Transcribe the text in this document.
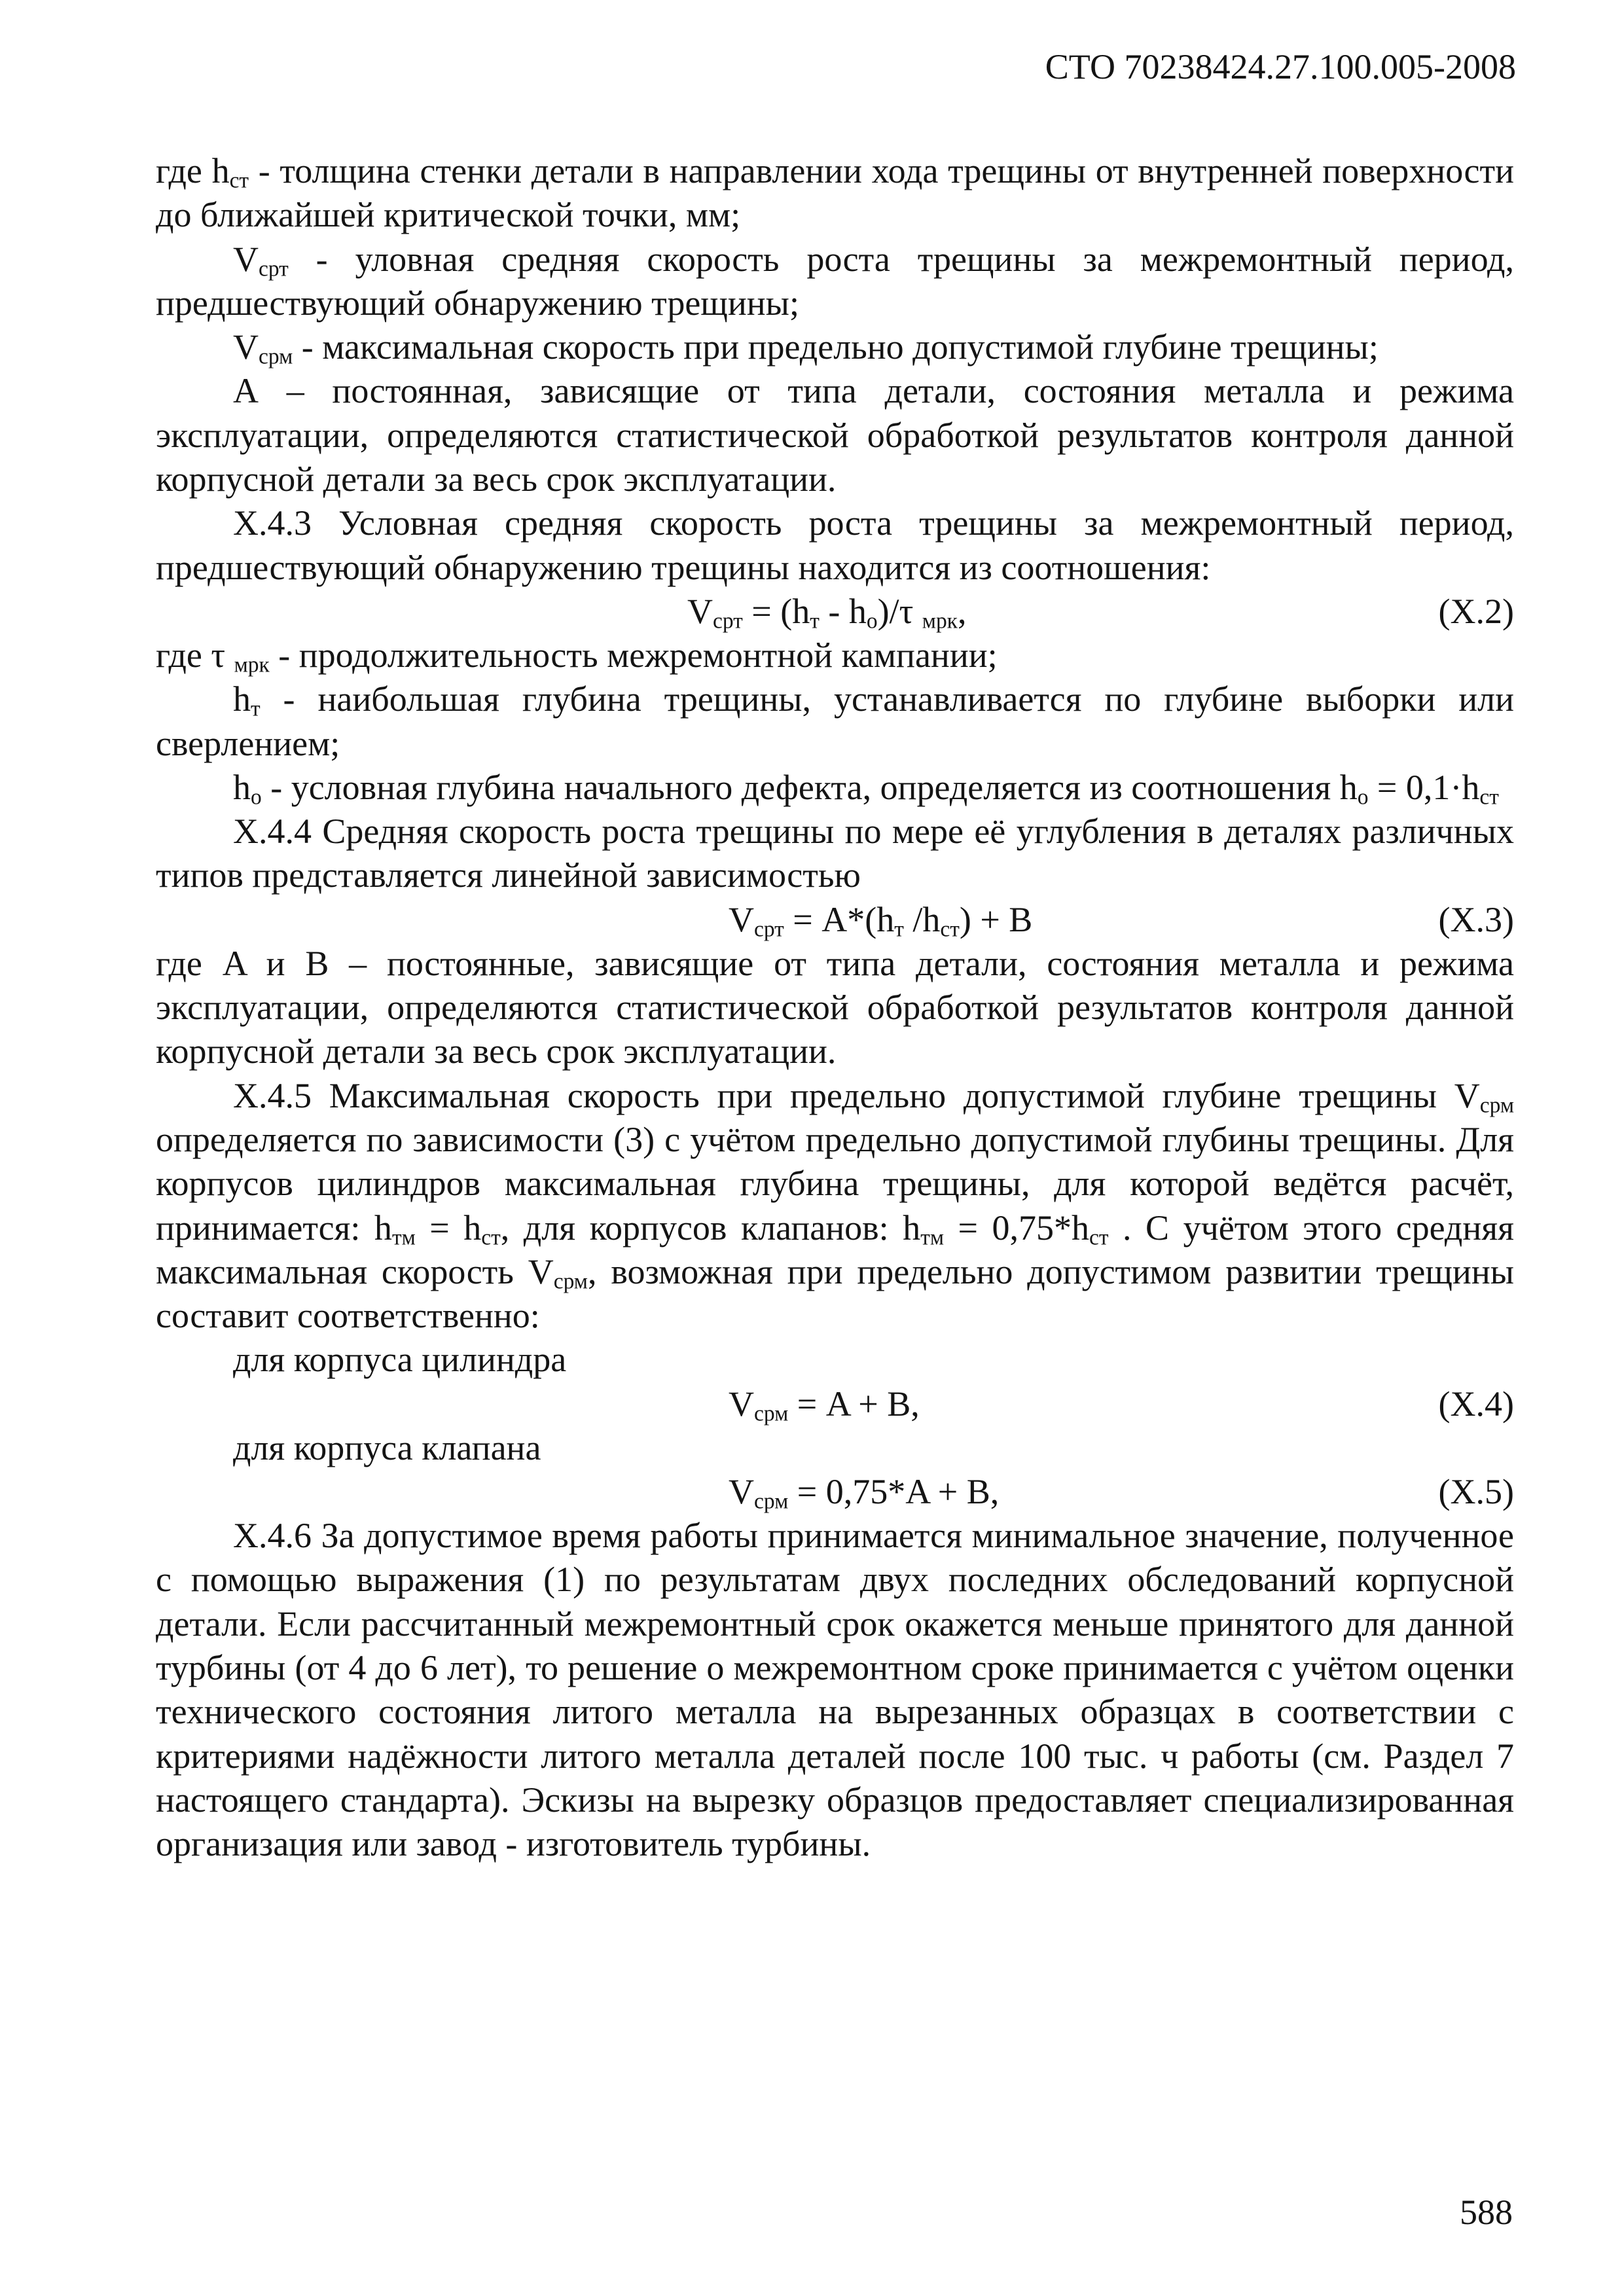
СТО 70238424.27.100.005-2008

где $h_{ст}$ - толщина стенки детали в направлении хода трещины от внутренней поверхности до ближайшей критической точки, мм;

$V_{срт}$ - уловная средняя скорость роста трещины за межремонтный период, предшествующий обнаружению трещины;

$V_{срм}$ - максимальная скорость при предельно допустимой глубине трещины;

А – постоянная, зависящие от типа детали, состояния металла и режима эксплуатации, определяются статистической обработкой результатов контроля данной корпусной детали за весь срок эксплуатации.

Х.4.3 Условная средняя скорость роста трещины за межремонтный период, предшествующий обнаружению трещины находится из соотношения:

$V_{срт} = (h_т - h_о)/\tau$ $_{мрк}$,	(Х.2)

где τ $_{мрк}$ - продолжительность межремонтной кампании;

$h_т$ - наибольшая глубина трещины, устанавливается по глубине выборки или сверлением;

$h_о$ - условная глубина начального дефекта, определяется из соотношения $h_о = 0,1\cdot h_{ст}$

Х.4.4 Средняя скорость роста трещины по мере её углубления в деталях различных типов представляется линейной зависимостью

$V_{срт} = A*(h_т$ $/h_{ст}) + B$	(Х.3)

где A и B – постоянные, зависящие от типа детали, состояния металла и режима эксплуатации, определяются статистической обработкой результатов контроля данной корпусной детали за весь срок эксплуатации.

Х.4.5 Максимальная скорость при предельно допустимой глубине трещины $V_{срм}$ определяется по зависимости (3) с учётом предельно допустимой глубины трещины. Для корпусов цилиндров максимальная глубина трещины, для которой ведётся расчёт, принимается: $h_{тм} = h_{ст}$, для корпусов клапанов: $h_{тм} = 0,75*h_{ст}$ . С учётом этого средняя максимальная скорость $V_{срм}$, возможная при предельно допустимом развитии трещины составит соответственно:

для корпуса цилиндра

$V_{срм} = A + B$,	(Х.4)

для корпуса клапана

$V_{срм} = 0,75*A + B$,	(Х.5)

Х.4.6 За допустимое время работы принимается минимальное значение, полученное с помощью выражения (1) по результатам двух последних обследований корпусной детали. Если рассчитанный межремонтный срок окажется меньше принятого для данной турбины (от 4 до 6 лет), то решение о межремонтном сроке принимается с учётом оценки технического состояния литого металла на вырезанных образцах в соответствии с критериями надёжности литого металла деталей после 100 тыс. ч работы (см. Раздел 7 настоящего стандарта). Эскизы на вырезку образцов предоставляет специализированная организация или завод - изготовитель турбины.

588
